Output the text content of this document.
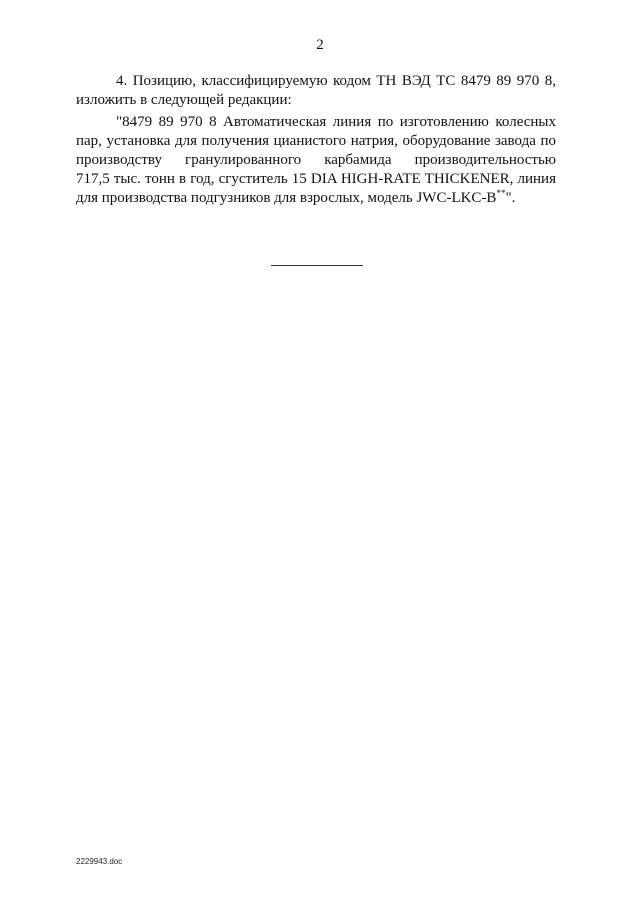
2
4. Позицию, классифицируемую кодом ТН ВЭД ТС 8479 89 970 8,
изложить в следующей редакции:
"8479 89 970 8 Автоматическая линия по изготовлению колесных
пар, установка для получения цианистого натрия, оборудование завода по
производству гранулированного карбамида производительностью
717,5 тыс. тонн в год, сгуститель 15 DIA HIGH-RATE THICKENER, линия
для производства подгузников для взрослых, модель JWC-LKC-B**".
2229943.doc
